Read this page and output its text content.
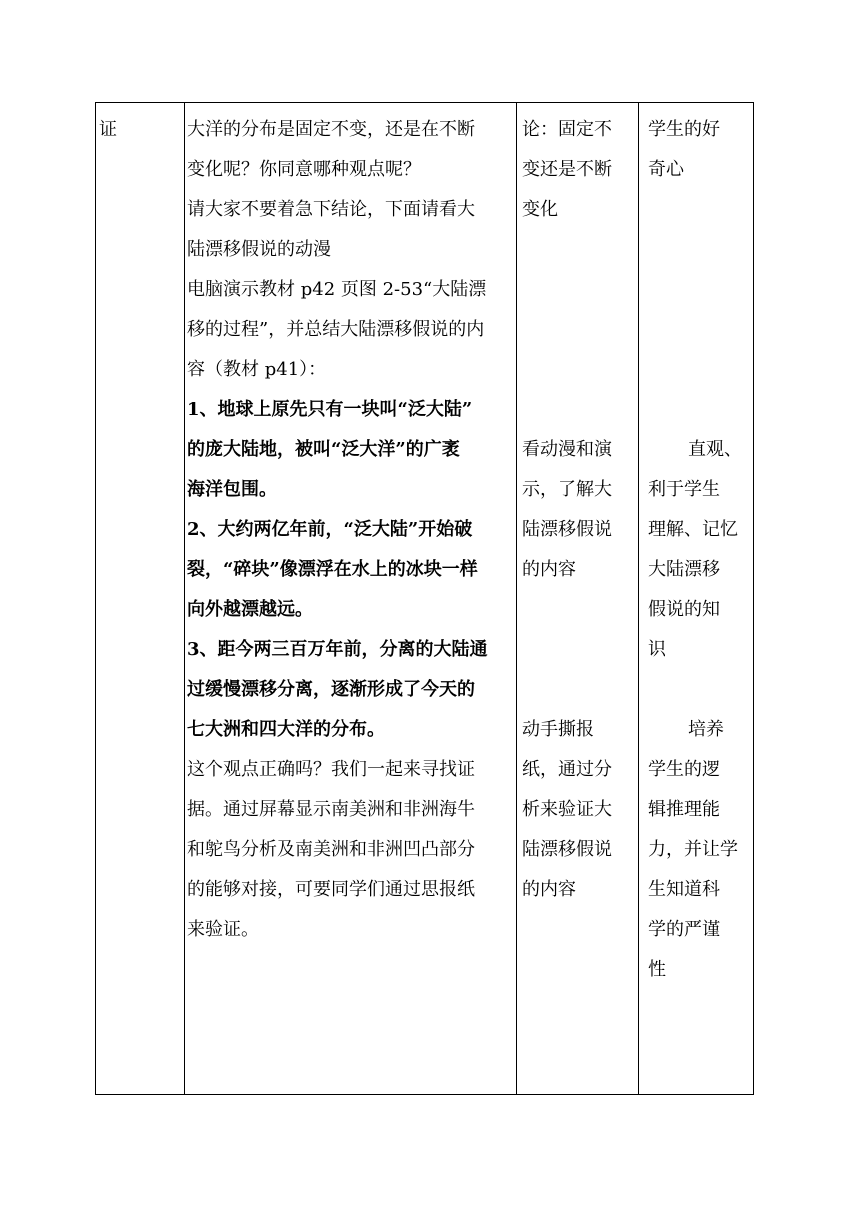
证	大洋的分布是固定不变，还是在不断
变化呢？你同意哪种观点呢？
请大家不要着急下结论，下面请看大
陆漂移假说的动漫
电脑演示教材 p42 页图 2-53“大陆漂
移的过程”，并总结大陆漂移假说的内
容（教材 p41）：
1、地球上原先只有一块叫“泛大陆”
的庞大陆地，被叫“泛大洋”的广袤
海洋包围。
2、大约两亿年前，“泛大陆”开始破
裂，“碎块”像漂浮在水上的冰块一样
向外越漂越远。
3、距今两三百万年前，分离的大陆通
过缓慢漂移分离，逐渐形成了今天的
七大洲和四大洋的分布。
这个观点正确吗？我们一起来寻找证
据。通过屏幕显示南美洲和非洲海牛
和鸵鸟分析及南美洲和非洲凹凸部分
的能够对接，可要同学们通过思报纸
来验证。
论：固定不
变还是不断
变化
看动漫和演
示，了解大
陆漂移假说
的内容
动手撕报
纸，通过分
析来验证大
陆漂移假说
的内容
学生的好
奇心
直观、
利于学生
理解、记忆
大陆漂移
假说的知
识
培养
学生的逻
辑推理能
力，并让学
生知道科
学的严谨
性
